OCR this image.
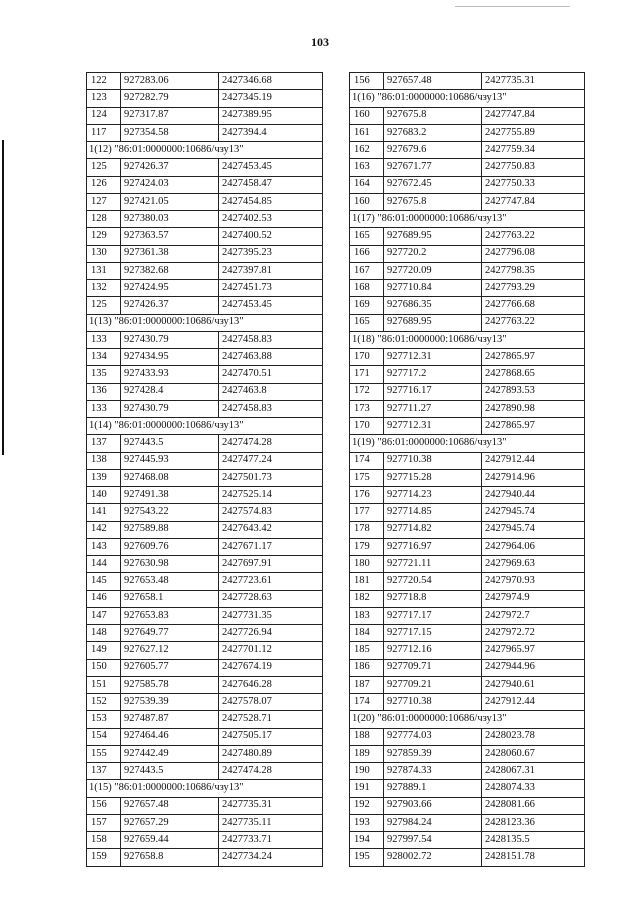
103
122	927283.06	2427346.68
123	927282.79	2427345.19
124	927317.87	2427389.95
117	927354.58	2427394.4
1(12) "86:01:0000000:10686/чзу13"		
125	927426.37	2427453.45
126	927424.03	2427458.47
127	927421.05	2427454.85
128	927380.03	2427402.53
129	927363.57	2427400.52
130	927361.38	2427395.23
131	927382.68	2427397.81
132	927424.95	2427451.73
125	927426.37	2427453.45
1(13) "86:01:0000000:10686/чзу13"		
133	927430.79	2427458.83
134	927434.95	2427463.88
135	927433.93	2427470.51
136	927428.4	2427463.8
133	927430.79	2427458.83
1(14) "86:01:0000000:10686/чзу13"		
137	927443.5	2427474.28
138	927445.93	2427477.24
139	927468.08	2427501.73
140	927491.38	2427525.14
141	927543.22	2427574.83
142	927589.88	2427643.42
143	927609.76	2427671.17
144	927630.98	2427697.91
145	927653.48	2427723.61
146	927658.1	2427728.63
147	927653.83	2427731.35
148	927649.77	2427726.94
149	927627.12	2427701.12
150	927605.77	2427674.19
151	927585.78	2427646.28
152	927539.39	2427578.07
153	927487.87	2427528.71
154	927464.46	2427505.17
155	927442.49	2427480.89
137	927443.5	2427474.28
1(15) "86:01:0000000:10686/чзу13"		
156	927657.48	2427735.31
157	927657.29	2427735.11
158	927659.44	2427733.71
159	927658.8	2427734.24
156	927657.48	2427735.31
1(16) "86:01:0000000:10686/чзу13"		
160	927675.8	2427747.84
161	927683.2	2427755.89
162	927679.6	2427759.34
163	927671.77	2427750.83
164	927672.45	2427750.33
160	927675.8	2427747.84
1(17) "86:01:0000000:10686/чзу13"		
165	927689.95	2427763.22
166	927720.2	2427796.08
167	927720.09	2427798.35
168	927710.84	2427793.29
169	927686.35	2427766.68
165	927689.95	2427763.22
1(18) "86:01:0000000:10686/чзу13"		
170	927712.31	2427865.97
171	927717.2	2427868.65
172	927716.17	2427893.53
173	927711.27	2427890.98
170	927712.31	2427865.97
1(19) "86:01:0000000:10686/чзу13"		
174	927710.38	2427912.44
175	927715.28	2427914.96
176	927714.23	2427940.44
177	927714.85	2427945.74
178	927714.82	2427945.74
179	927716.97	2427964.06
180	927721.11	2427969.63
181	927720.54	2427970.93
182	927718.8	2427974.9
183	927717.17	2427972.7
184	927717.15	2427972.72
185	927712.16	2427965.97
186	927709.71	2427944.96
187	927709.21	2427940.61
174	927710.38	2427912.44
1(20) "86:01:0000000:10686/чзу13"		
188	927774.03	2428023.78
189	927859.39	2428060.67
190	927874.33	2428067.31
191	927889.1	2428074.33
192	927903.66	2428081.66
193	927984.24	2428123.36
194	927997.54	2428135.5
195	928002.72	2428151.78
